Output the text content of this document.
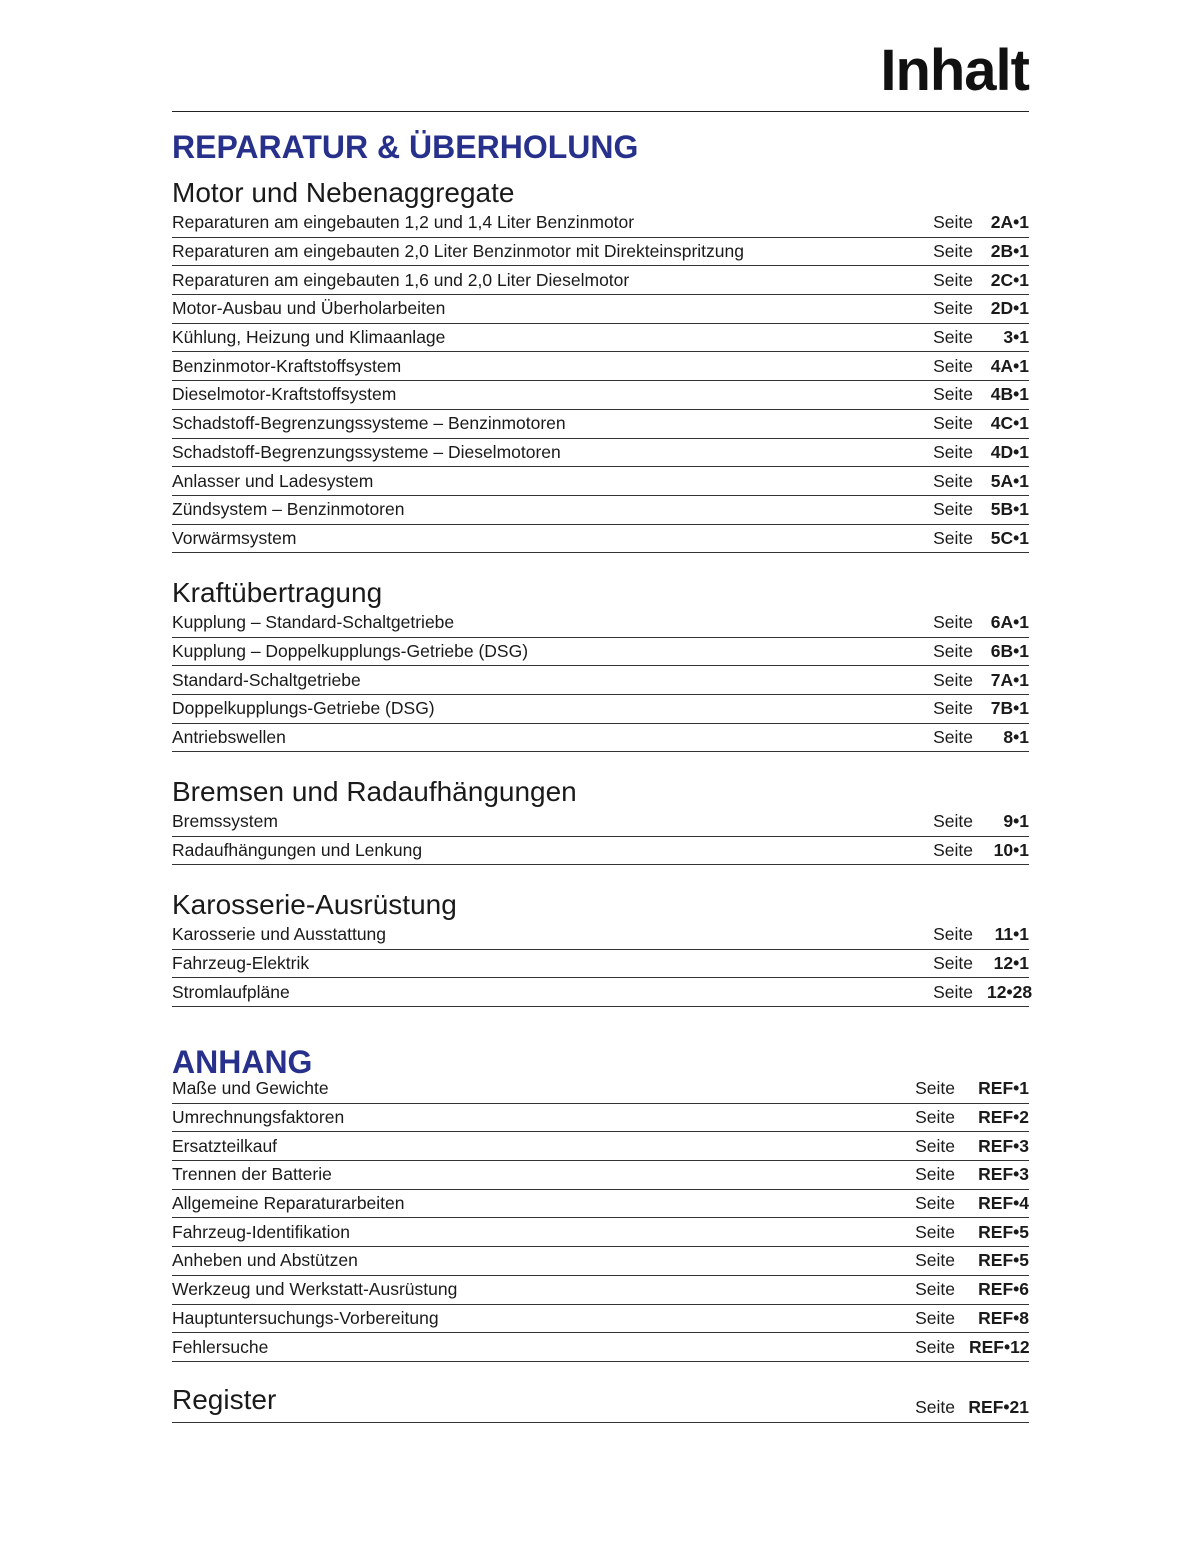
Inhalt
REPARATUR & ÜBERHOLUNG
Motor und Nebenaggregate
Reparaturen am eingebauten 1,2 und 1,4 Liter Benzinmotor	Seite	2A•1
Reparaturen am eingebauten 2,0 Liter Benzinmotor mit Direkteinspritzung	Seite	2B•1
Reparaturen am eingebauten 1,6 und 2,0 Liter Dieselmotor	Seite	2C•1
Motor-Ausbau und Überholarbeiten	Seite	2D•1
Kühlung, Heizung und Klimaanlage	Seite	3•1
Benzinmotor-Kraftstoffsystem	Seite	4A•1
Dieselmotor-Kraftstoffsystem	Seite	4B•1
Schadstoff-Begrenzungssysteme – Benzinmotoren	Seite	4C•1
Schadstoff-Begrenzungssysteme – Dieselmotoren	Seite	4D•1
Anlasser und Ladesystem	Seite	5A•1
Zündsystem – Benzinmotoren	Seite	5B•1
Vorwärmsystem	Seite	5C•1
Kraftübertragung
Kupplung – Standard-Schaltgetriebe	Seite	6A•1
Kupplung – Doppelkupplungs-Getriebe (DSG)	Seite	6B•1
Standard-Schaltgetriebe	Seite	7A•1
Doppelkupplungs-Getriebe (DSG)	Seite	7B•1
Antriebswellen	Seite	8•1
Bremsen und Radaufhängungen
Bremssystem	Seite	9•1
Radaufhängungen und Lenkung	Seite	10•1
Karosserie-Ausrüstung
Karosserie und Ausstattung	Seite	11•1
Fahrzeug-Elektrik	Seite	12•1
Stromlaufpläne	Seite 12•28
ANHANG
Maße und Gewichte	Seite	REF•1
Umrechnungsfaktoren	Seite	REF•2
Ersatzteilkauf	Seite	REF•3
Trennen der Batterie	Seite	REF•3
Allgemeine Reparaturarbeiten	Seite	REF•4
Fahrzeug-Identifikation	Seite	REF•5
Anheben und Abstützen	Seite	REF•5
Werkzeug und Werkstatt-Ausrüstung	Seite	REF•6
Hauptuntersuchungs-Vorbereitung	Seite	REF•8
Fehlersuche	Seite REF•12
Register	Seite REF•21
